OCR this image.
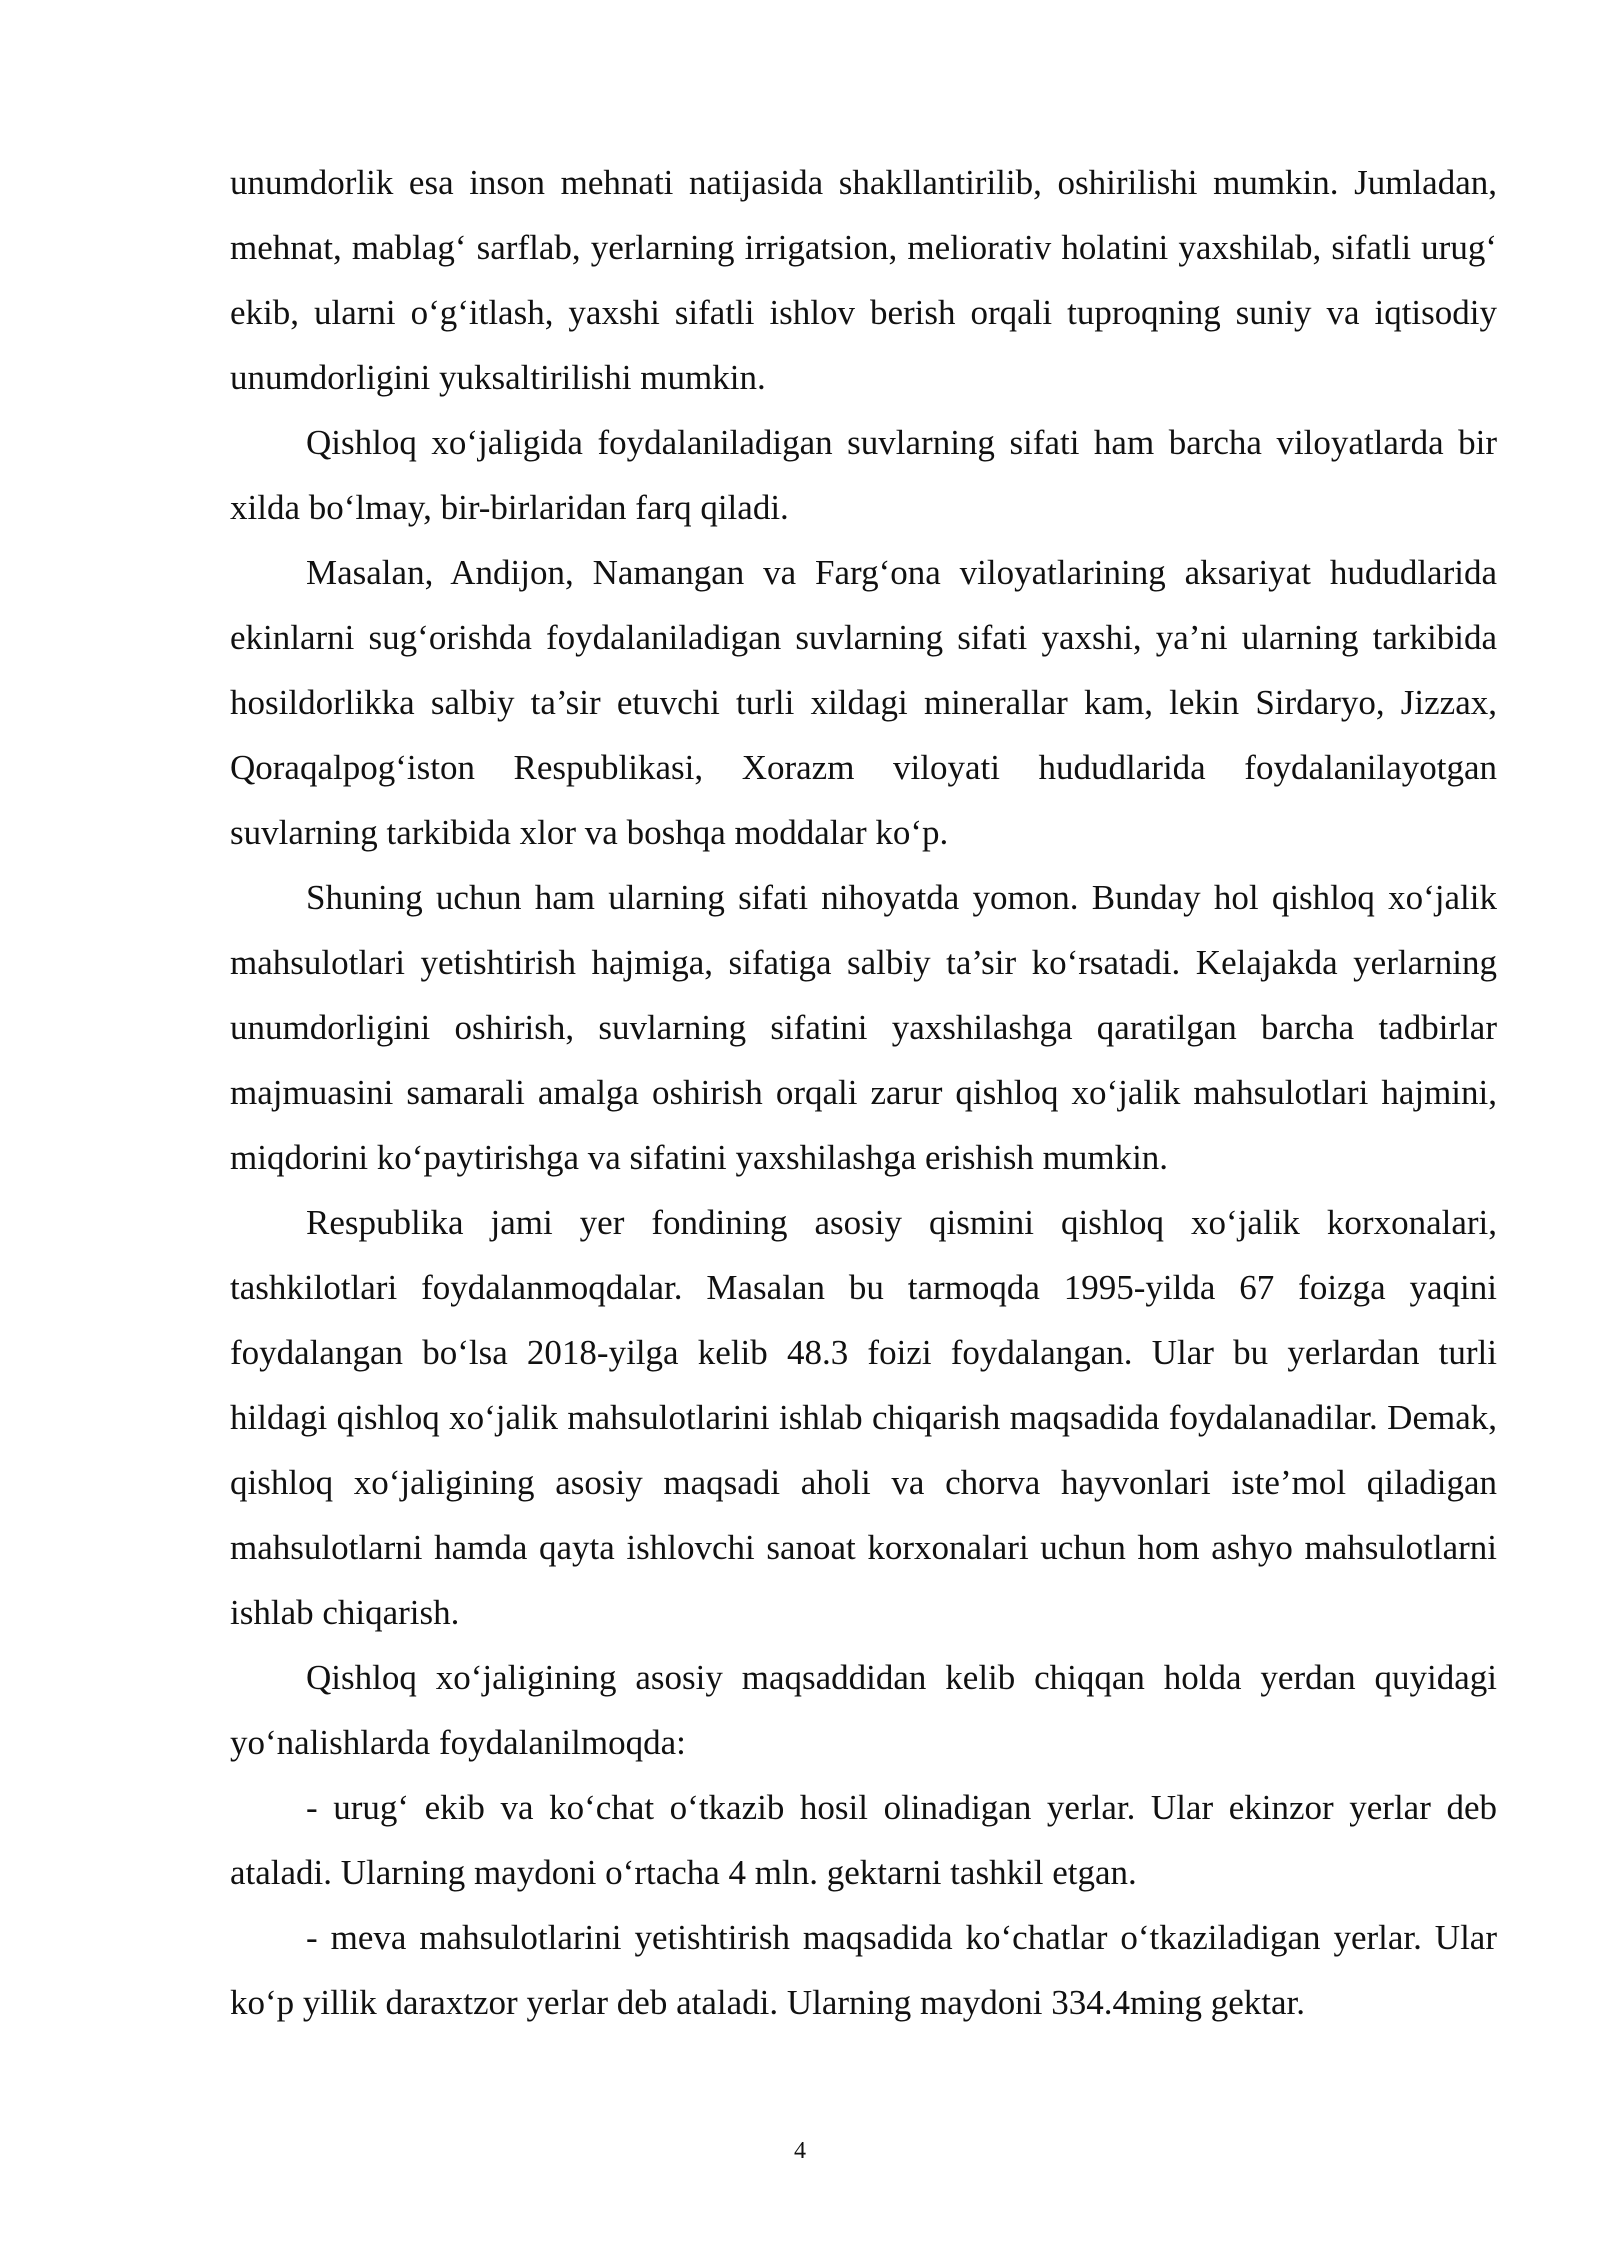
unumdorlik esa inson mehnati natijasida shakllantirilib, oshirilishi mumkin. Jumladan, mehnat, mablag‘ sarflab, yerlarning irrigatsion, meliorativ holatini yaxshilab, sifatli urug‘ ekib, ularni o‘g‘itlash, yaxshi sifatli ishlov berish orqali tuproqning suniy va iqtisodiy unumdorligini yuksaltirilishi mumkin.

Qishloq xo‘jaligida foydalaniladigan suvlarning sifati ham barcha viloyatlarda bir xilda bo‘lmay, bir-birlaridan farq qiladi.

Masalan, Andijon, Namangan va Farg‘ona viloyatlarining aksariyat hududlarida ekinlarni sug‘orishda foydalaniladigan suvlarning sifati yaxshi, ya’ni ularning tarkibida hosildorlikka salbiy ta’sir etuvchi turli xildagi minerallar kam, lekin Sirdaryo, Jizzax, Qoraqalpog‘iston Respublikasi, Xorazm viloyati hududlarida foydalanilayotgan suvlarning tarkibida xlor va boshqa moddalar ko‘p.

Shuning uchun ham ularning sifati nihoyatda yomon. Bunday hol qishloq xo‘jalik mahsulotlari yetishtirish hajmiga, sifatiga salbiy ta’sir ko‘rsatadi. Kelajakda yerlarning unumdorligini oshirish, suvlarning sifatini yaxshilashga qaratilgan barcha tadbirlar majmuasini samarali amalga oshirish orqali zarur qishloq xo‘jalik mahsulotlari hajmini, miqdorini ko‘paytirishga va sifatini yaxshilashga erishish mumkin.

Respublika jami yer fondining asosiy qismini qishloq xo‘jalik korxonalari, tashkilotlari foydalanmoqdalar. Masalan bu tarmoqda 1995-yilda 67 foizga yaqini foydalangan bo‘lsa 2018-yilga kelib 48.3 foizi foydalangan. Ular bu yerlardan turli hildagi qishloq xo‘jalik mahsulotlarini ishlab chiqarish maqsadida foydalanadilar. Demak, qishloq xo‘jaligining asosiy maqsadi aholi va chorva hayvonlari iste’mol qiladigan mahsulotlarni hamda qayta ishlovchi sanoat korxonalari uchun hom ashyo mahsulotlarni ishlab chiqarish.

Qishloq xo‘jaligining asosiy maqsaddidan kelib chiqqan holda yerdan quyidagi yo‘nalishlarda foydalanilmoqda:

- urug‘ ekib va ko‘chat o‘tkazib hosil olinadigan yerlar. Ular ekinzor yerlar deb ataladi. Ularning maydoni o‘rtacha 4 mln. gektarni tashkil etgan.

- meva mahsulotlarini yetishtirish maqsadida ko‘chatlar o‘tkaziladigan yerlar. Ular ko‘p yillik daraxtzor yerlar deb ataladi. Ularning maydoni 334.4ming gektar.

4
